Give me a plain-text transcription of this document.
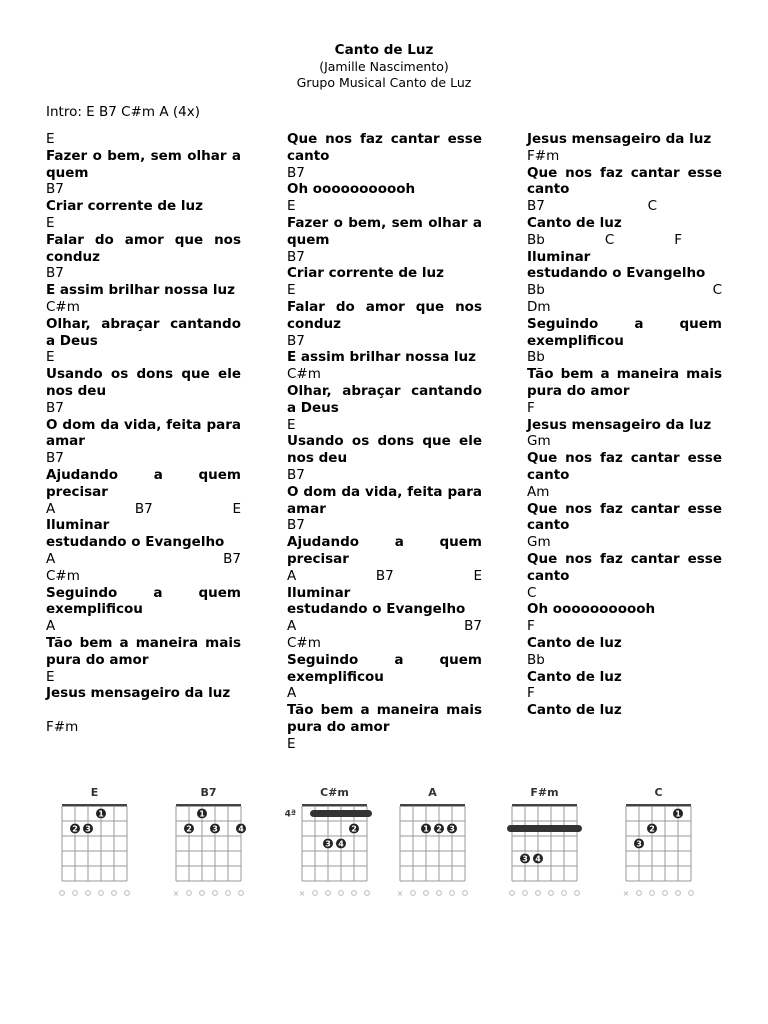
Canto de Luz
(Jamille Nascimento)
Grupo Musical Canto de Luz
Intro: E B7 C#m A (4x)
E
Fazer o bem, sem olhar a quem
B7
Criar corrente de luz
E
Falar do amor que nos conduz
B7
E assim brilhar nossa luz
C#m
Olhar, abraçar cantando a Deus
E
Usando os dons que ele nos deu
B7
O dom da vida, feita para amar
B7
Ajudando a quem precisar
A	B7	E
Iluminar
estudando o Evangelho
A	B7
C#m
Seguindo a quem exemplificou
A
Tão bem a maneira mais pura do amor
E
Jesus mensageiro da luz

F#m
Que nos faz cantar esse canto
B7
Oh ooooooooooh
E
Fazer o bem, sem olhar a quem
B7
Criar corrente de luz
E
Falar do amor que nos conduz
B7
E assim brilhar nossa luz
C#m
Olhar, abraçar cantando a Deus
E
Usando os dons que ele nos deu
B7
O dom da vida, feita para amar
B7
Ajudando a quem precisar
A	B7	E
Iluminar
estudando o Evangelho
A	B7
C#m
Seguindo a quem exemplificou
A
Tão bem a maneira mais pura do amor
E
Jesus mensageiro da luz
F#m
Que nos faz cantar esse canto
B7	C
Canto de luz
Bb	C	F
Iluminar
estudando o Evangelho
Bb	C
Dm
Seguindo a quem exemplificou
Bb
Tão bem a maneira mais pura do amor
F
Jesus mensageiro da luz
Gm
Que nos faz cantar esse canto
Am
Que nos faz cantar esse canto
Gm
Que nos faz cantar esse canto
C
Oh ooooooooooh
F
Canto de luz
Bb
Canto de luz
F
Canto de luz
E
1
2 3
B7
1
2	3	4
×
C#m
4ª
2
3 4
×
A
1 2 3
×
F#m
3 4
C
1
2
3
×
